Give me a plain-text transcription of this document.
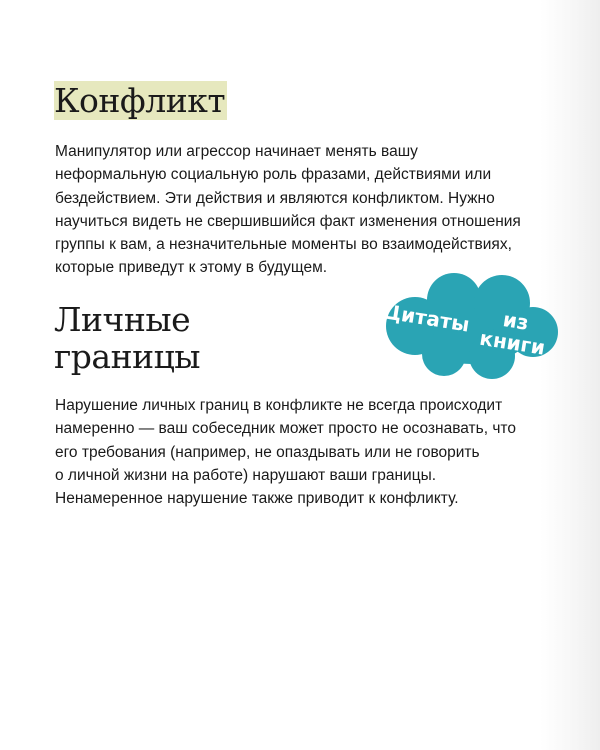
Конфликт

Манипулятор или агрессор начинает менять вашу
неформальную социальную роль фразами, действиями или
бездействием. Эти действия и являются конфликтом. Нужно
научиться видеть не свершившийся факт изменения отношения
группы к вам, а незначительные моменты во взаимодействиях,
которые приведут к этому в будущем.

Личные
границы
Цитаты	из книги

Нарушение личных границ в конфликте не всегда происходит
намеренно — ваш собеседник может просто не осознавать, что
его требования (например, не опаздывать или не говорить
о личной жизни на работе) нарушают ваши границы.
Ненамеренное нарушение также приводит к конфликту.
